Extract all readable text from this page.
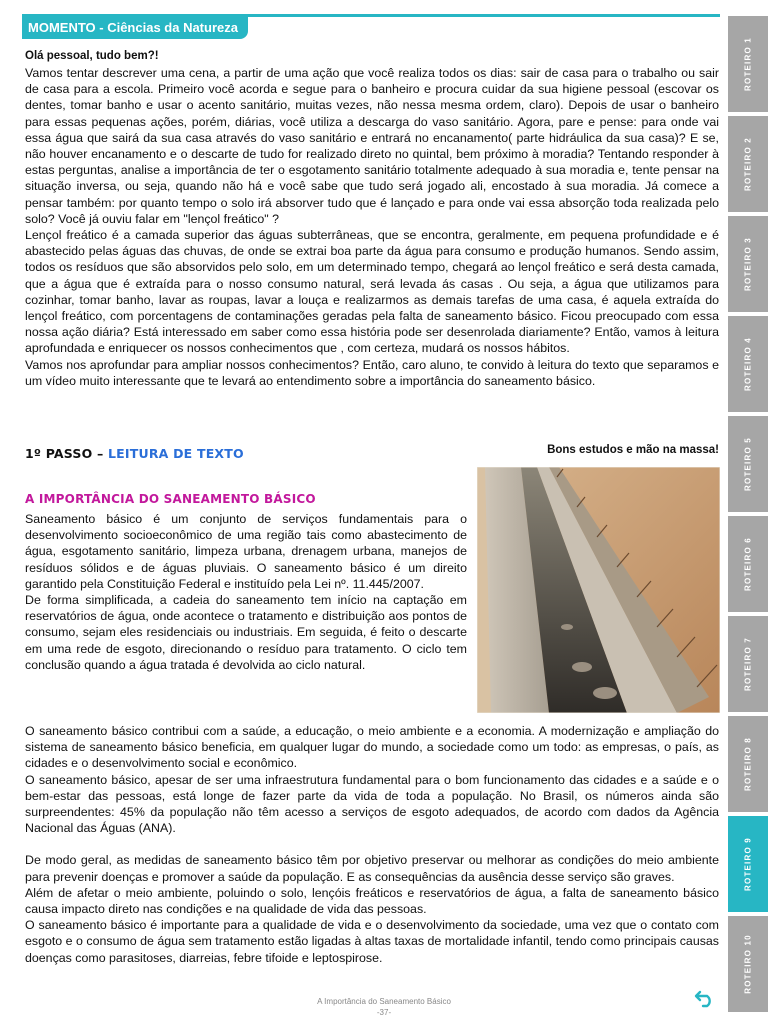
MOMENTO - Ciências da Natureza
Olá pessoal, tudo bem?!

Vamos tentar descrever uma cena, a partir de uma ação que você realiza todos os dias: sair de casa para o trabalho ou sair de casa para a escola. Primeiro você acorda e segue para o banheiro e procura cuidar da sua higiene pessoal (escovar os dentes, tomar banho e usar o acento sanitário, muitas vezes, não nessa mesma ordem, claro). Depois de usar o banheiro para essas pequenas ações, porém, diárias, você utiliza a descarga do vaso sanitário. Agora, pare e pense: para onde vai essa água que sairá da sua casa através do vaso sanitário e entrará no encanamento( parte hidráulica da sua casa)? E se, não houver encanamento e o descarte de tudo for realizado direto no quintal, bem próximo à moradia? Tentando responder à estas perguntas, analise a importância de ter o esgotamento sanitário totalmente adequado à sua moradia e, tente pensar na situação inversa, ou seja, quando não há e você sabe que tudo será jogado ali, encostado à sua moradia. Já comece a pensar também: por quanto tempo o solo irá absorver tudo que é lançado e para onde vai essa absorção toda realizada pelo solo? Você já ouviu falar em "lençol freático" ?

Lençol freático é a camada superior das águas subterrâneas, que se encontra, geralmente, em pequena profundidade e é abastecido pelas águas das chuvas, de onde se extrai boa parte da água para consumo e produção humanos. Sendo assim, todos os resíduos que são absorvidos pelo solo, em um determinado tempo, chegará ao lençol freático e será desta camada, que a água que é extraída para o nosso consumo natural, será levada ás casas . Ou seja, a água que utilizamos para cozinhar, tomar banho, lavar as roupas, lavar a louça e realizarmos as demais tarefas de uma casa, é aquela extraída do lençol freático, com porcentagens de contaminações geradas pela falta de saneamento básico. Ficou preocupado com essa nossa ação diária? Está interessado em saber como essa história pode ser desenrolada diariamente? Então, vamos à leitura aprofundada e enriquecer os nossos conhecimentos que , com certeza, mudará os nossos hábitos.

Vamos nos aprofundar para ampliar nossos conhecimentos? Então, caro aluno, te convido à leitura do texto que separamos e um vídeo muito interessante que te levará ao entendimento sobre a importância do saneamento básico.

Bons estudos e mão na massa!
1º PASSO – LEITURA DE TEXTO
A IMPORTÂNCIA DO SANEAMENTO BÁSICO

Saneamento básico é um conjunto de serviços fundamentais para o desenvolvimento socioeconômico de uma região tais como abastecimento de água, esgotamento sanitário, limpeza urbana, drenagem urbana, manejos de resíduos sólidos e de águas pluviais. O saneamento básico é um direito garantido pela Constituição Federal e instituído pela Lei nº. 11.445/2007.

De forma simplificada, a cadeia do saneamento tem início na captação em reservatórios de água, onde acontece o tratamento e distribuição aos pontos de consumo, sejam eles residenciais ou industriais. Em seguida, é feito o descarte em uma rede de esgoto, direcionando o resíduo para tratamento. O ciclo tem conclusão quando a água tratada é devolvida ao ciclo natural.

O saneamento básico contribui com a saúde, a educação, o meio ambiente e a economia. A modernização e ampliação do sistema de saneamento básico beneficia, em qualquer lugar do mundo, a sociedade como um todo: as empresas, o país, as cidades e o desenvolvimento social e econômico.

O saneamento básico, apesar de ser uma infraestrutura fundamental para o bom funcionamento das cidades e a saúde e o bem-estar das pessoas, está longe de fazer parte da vida de toda a população. No Brasil, os números ainda são surpreendentes: 45% da população não têm acesso a serviços de esgoto adequados, de acordo com dados da Agência Nacional das Águas (ANA).

De modo geral, as medidas de saneamento básico têm por objetivo preservar ou melhorar as condições do meio ambiente para prevenir doenças e promover a saúde da população. E as consequências da ausência desse serviço são graves.

Além de afetar o meio ambiente, poluindo o solo, lençóis freáticos e reservatórios de água, a falta de saneamento básico causa impacto direto nas condições e na qualidade de vida das pessoas.

O saneamento básico é importante para a qualidade de vida e o desenvolvimento da sociedade, uma vez que o contato com esgoto e o consumo de água sem tratamento estão ligadas à altas taxas de mortalidade infantil, tendo como principais causas doenças como parasitoses, diarreias, febre tifoide e leptospirose.

A Importância do Saneamento Básico
-37-
ROTEIRO 1
ROTEIRO 2
ROTEIRO 3
ROTEIRO 4
ROTEIRO 5
ROTEIRO 6
ROTEIRO 7
ROTEIRO 8
ROTEIRO 9
ROTEIRO 10
